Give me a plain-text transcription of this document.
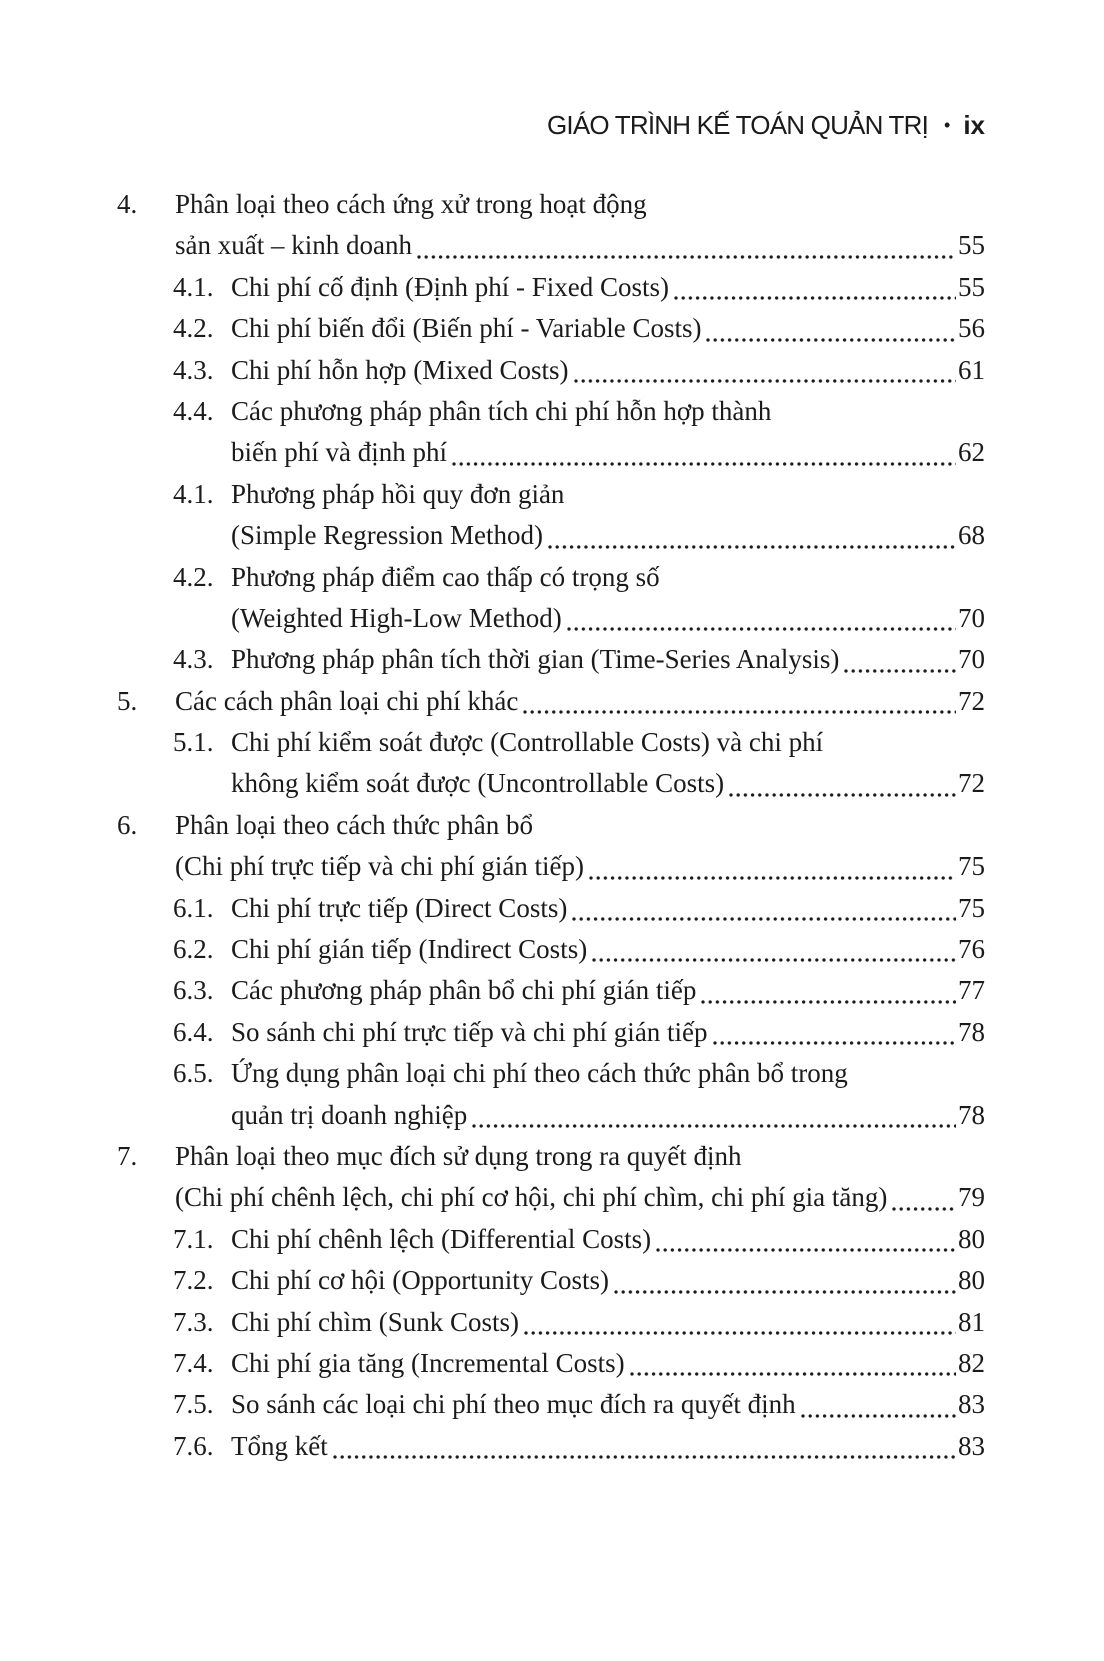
GIÁO TRÌNH KẾ TOÁN QUẢN TRỊ • ix
4.	Phân loại theo cách ứng xử trong hoạt động
sản xuất – kinh doanh	55
4.1. Chi phí cố định (Định phí - Fixed Costs)	55
4.2. Chi phí biến đổi (Biến phí - Variable Costs)	56
4.3. Chi phí hỗn hợp (Mixed Costs)	61
4.4. Các phương pháp phân tích chi phí hỗn hợp thành
biến phí và định phí	62
4.1. Phương pháp hồi quy đơn giản
(Simple Regression Method)	68
4.2. Phương pháp điểm cao thấp có trọng số
(Weighted High-Low Method)	70
4.3. Phương pháp phân tích thời gian (Time-Series Analysis)	70
5.	Các cách phân loại chi phí khác	72
5.1. Chi phí kiểm soát được (Controllable Costs) và chi phí
không kiểm soát được (Uncontrollable Costs)	72
6.	Phân loại theo cách thức phân bổ
(Chi phí trực tiếp và chi phí gián tiếp)	75
6.1. Chi phí trực tiếp (Direct Costs)	75
6.2. Chi phí gián tiếp (Indirect Costs)	76
6.3. Các phương pháp phân bổ chi phí gián tiếp	77
6.4. So sánh chi phí trực tiếp và chi phí gián tiếp	78
6.5. Ứng dụng phân loại chi phí theo cách thức phân bổ trong
quản trị doanh nghiệp	78
7.	Phân loại theo mục đích sử dụng trong ra quyết định
(Chi phí chênh lệch, chi phí cơ hội, chi phí chìm, chi phí gia tăng)	79
7.1. Chi phí chênh lệch (Differential Costs)	80
7.2. Chi phí cơ hội (Opportunity Costs)	80
7.3. Chi phí chìm (Sunk Costs)	81
7.4. Chi phí gia tăng (Incremental Costs)	82
7.5. So sánh các loại chi phí theo mục đích ra quyết định	83
7.6. Tổng kết	83
